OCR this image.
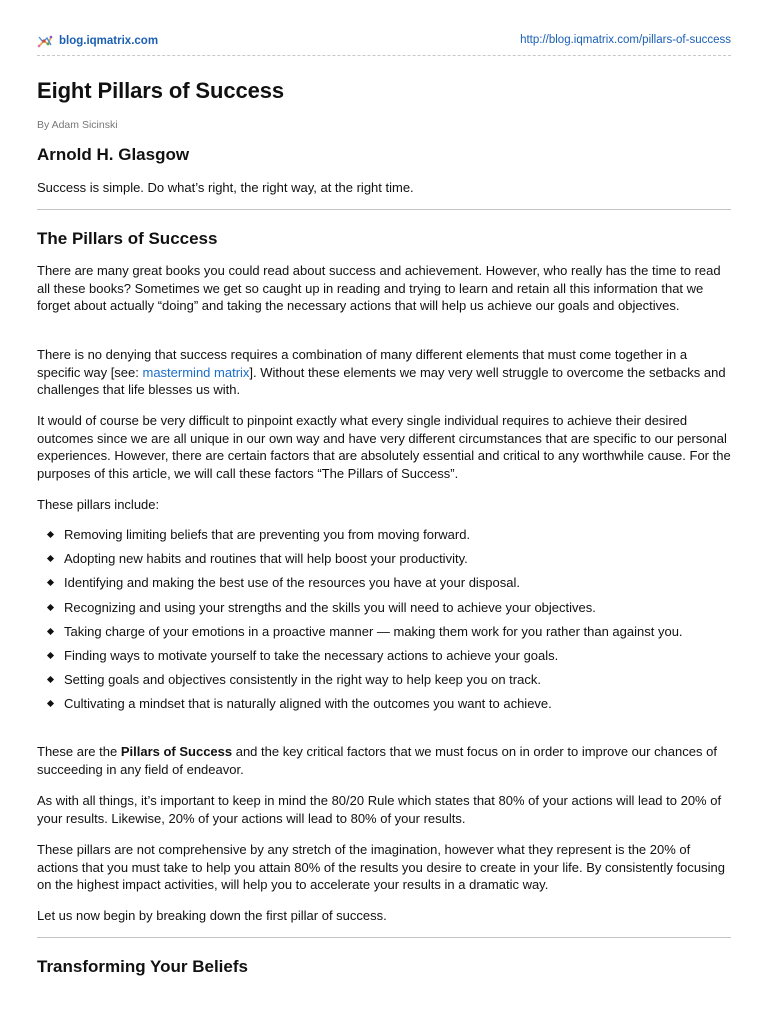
blog.iqmatrix.com	http://blog.iqmatrix.com/pillars-of-success
Eight Pillars of Success
By Adam Sicinski
Arnold H. Glasgow

Success is simple. Do what’s right, the right way, at the right time.

The Pillars of Success

There are many great books you could read about success and achievement. However, who really has the time to read all these books? Sometimes we get so caught up in reading and trying to learn and retain all this information that we forget about actually “doing” and taking the necessary actions that will help us achieve our goals and objectives.

There is no denying that success requires a combination of many different elements that must come together in a specific way [see: mastermind matrix]. Without these elements we may very well struggle to overcome the setbacks and challenges that life blesses us with.

It would of course be very difficult to pinpoint exactly what every single individual requires to achieve their desired outcomes since we are all unique in our own way and have very different circumstances that are specific to our personal experiences. However, there are certain factors that are absolutely essential and critical to any worthwhile cause. For the purposes of this article, we will call these factors “The Pillars of Success”.

These pillars include:

Removing limiting beliefs that are preventing you from moving forward.
Adopting new habits and routines that will help boost your productivity.
Identifying and making the best use of the resources you have at your disposal.
Recognizing and using your strengths and the skills you will need to achieve your objectives.
Taking charge of your emotions in a proactive manner — making them work for you rather than against you.
Finding ways to motivate yourself to take the necessary actions to achieve your goals.
Setting goals and objectives consistently in the right way to help keep you on track.
Cultivating a mindset that is naturally aligned with the outcomes you want to achieve.

These are the Pillars of Success and the key critical factors that we must focus on in order to improve our chances of succeeding in any field of endeavor.

As with all things, it’s important to keep in mind the 80/20 Rule which states that 80% of your actions will lead to 20% of your results. Likewise, 20% of your actions will lead to 80% of your results.

These pillars are not comprehensive by any stretch of the imagination, however what they represent is the 20% of actions that you must take to help you attain 80% of the results you desire to create in your life. By consistently focusing on the highest impact activities, will help you to accelerate your results in a dramatic way.

Let us now begin by breaking down the first pillar of success.

Transforming Your Beliefs
